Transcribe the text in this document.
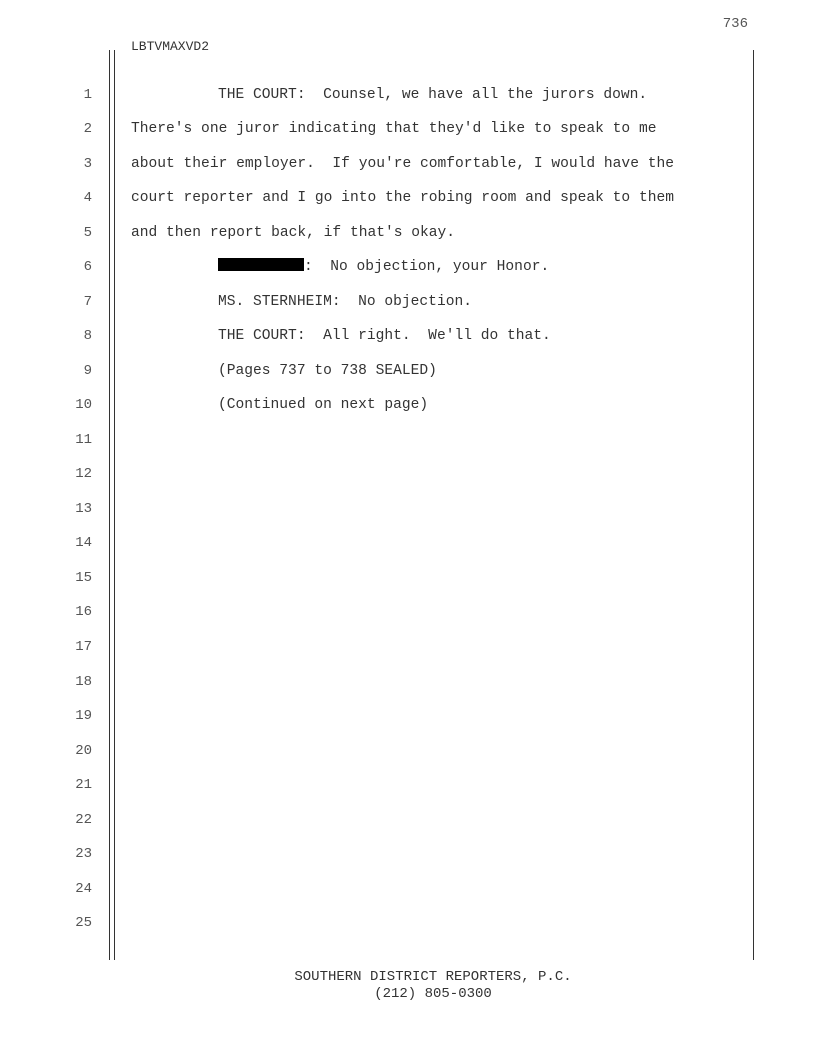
736
LBTVMAXVD2
1
2
3
4
5
6
7
8
9
10
11
12
13
14
15
16
17
18
19
20
21
22
23
24
25
THE COURT:  Counsel, we have all the jurors down.
There's one juror indicating that they'd like to speak to me
about their employer.  If you're comfortable, I would have the
court reporter and I go into the robing room and speak to them
and then report back, if that's okay.
:  No objection, your Honor.
MS. STERNHEIM:  No objection.
THE COURT:  All right.  We'll do that.
(Pages 737 to 738 SEALED)
(Continued on next page)
SOUTHERN DISTRICT REPORTERS, P.C.
(212) 805-0300
